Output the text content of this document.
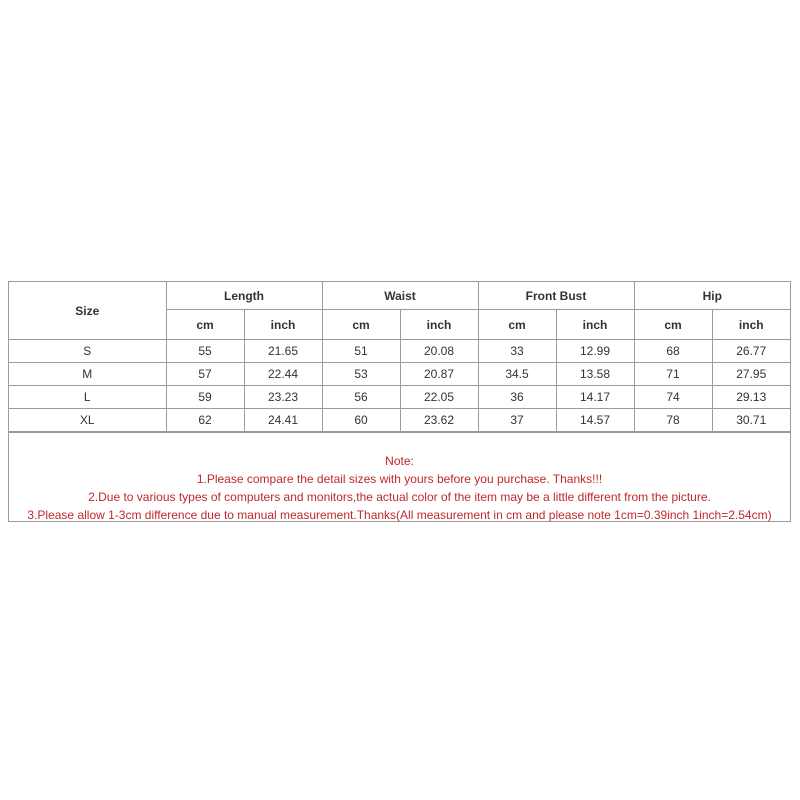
Size	Length		Waist		Front Bust		Hip	
	cm	inch	cm	inch	cm	inch	cm	inch
S	55	21.65	51	20.08	33	12.99	68	26.77
M	57	22.44	53	20.87	34.5	13.58	71	27.95
L	59	23.23	56	22.05	36	14.17	74	29.13
XL	62	24.41	60	23.62	37	14.57	78	30.71
Note:
1.Please compare the detail sizes with yours before you purchase. Thanks!!!
2.Due to various types of computers and monitors,the actual color of the item may be a little different from the picture.
3.Please allow 1-3cm difference due to manual measurement.Thanks(All measurement in cm and please note 1cm=0.39inch 1inch=2.54cm)
